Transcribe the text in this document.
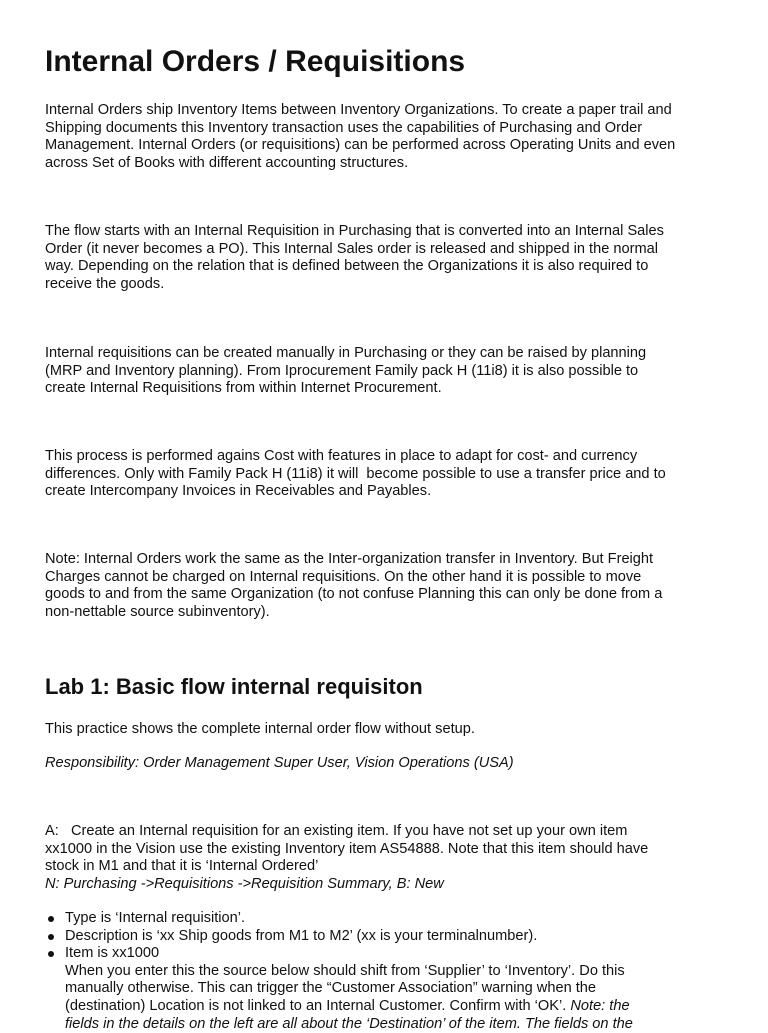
Internal Orders / Requisitions

Internal Orders ship Inventory Items between Inventory Organizations. To create a paper trail and
Shipping documents this Inventory transaction uses the capabilities of Purchasing and Order
Management. Internal Orders (or requisitions) can be performed across Operating Units and even
across Set of Books with different accounting structures.

The flow starts with an Internal Requisition in Purchasing that is converted into an Internal Sales
Order (it never becomes a PO). This Internal Sales order is released and shipped in the normal
way. Depending on the relation that is defined between the Organizations it is also required to
receive the goods.

Internal requisitions can be created manually in Purchasing or they can be raised by planning
(MRP and Inventory planning). From Iprocurement Family pack H (11i8) it is also possible to
create Internal Requisitions from within Internet Procurement.

This process is performed agains Cost with features in place to adapt for cost- and currency
differences. Only with Family Pack H (11i8) it will  become possible to use a transfer price and to
create Intercompany Invoices in Receivables and Payables.

Note: Internal Orders work the same as the Inter-organization transfer in Inventory. But Freight
Charges cannot be charged on Internal requisitions. On the other hand it is possible to move
goods to and from the same Organization (to not confuse Planning this can only be done from a
non-nettable source subinventory).

Lab 1: Basic flow internal requisiton

This practice shows the complete internal order flow without setup.

Responsibility: Order Management Super User, Vision Operations (USA)

A:   Create an Internal requisition for an existing item. If you have not set up your own item
xx1000 in the Vision use the existing Inventory item AS54888. Note that this item should have
stock in M1 and that it is ‘Internal Ordered’
N: Purchasing ->Requisitions ->Requisition Summary, B: New

Type is ‘Internal requisition’.
Description is ‘xx Ship goods from M1 to M2’ (xx is your terminalnumber).
Item is xx1000
When you enter this the source below should shift from ‘Supplier’ to ‘Inventory’. Do this
manually otherwise. This can trigger the “Customer Association” warning when the
(destination) Location is not linked to an Internal Customer. Confirm with ‘OK’. Note: the
fields in the details on the left are all about the ‘Destination’ of the item. The fields on the
